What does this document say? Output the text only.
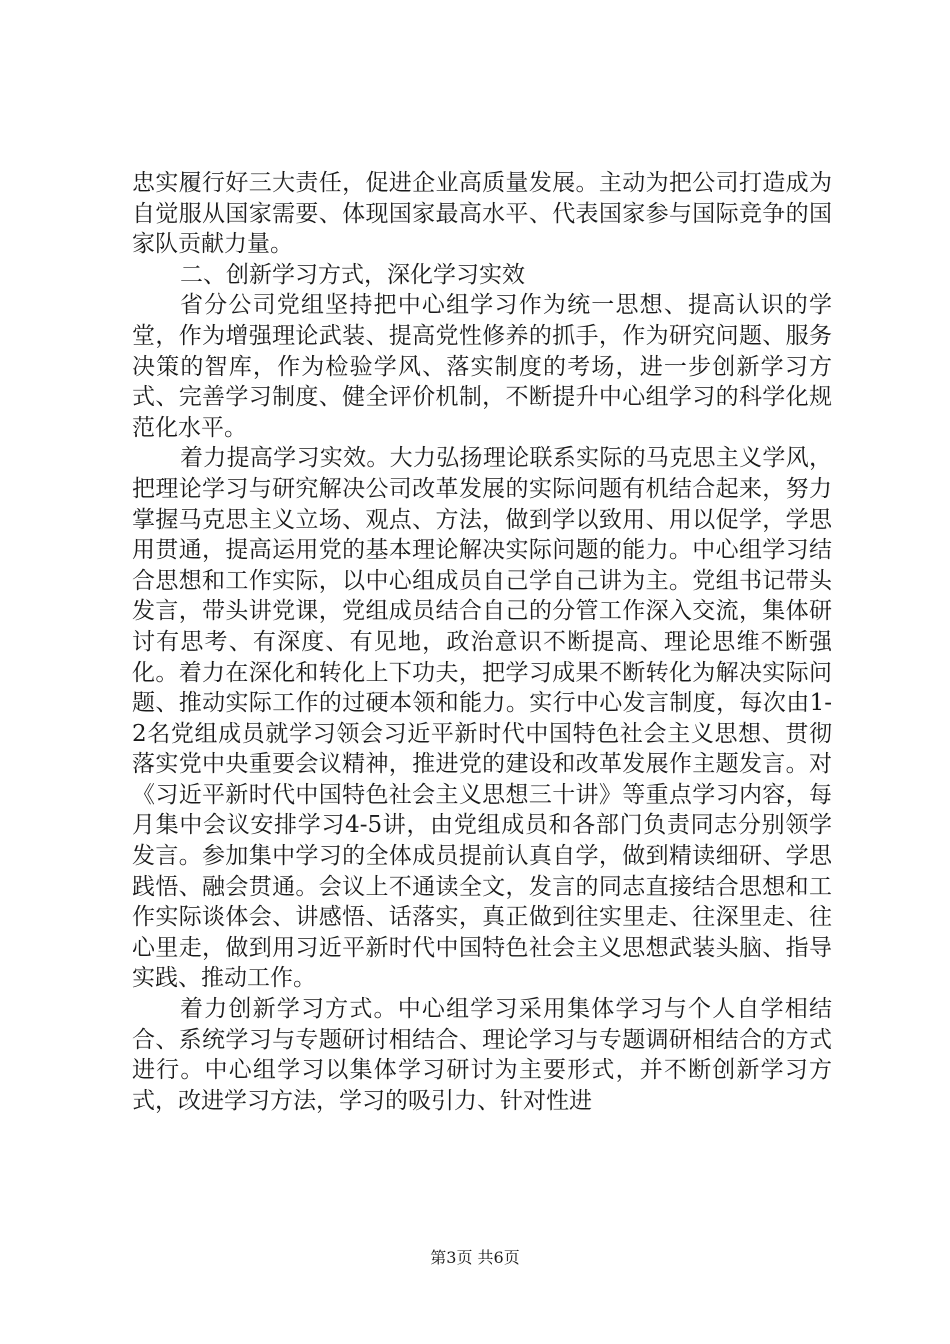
忠实履行好三大责任，促进企业高质量发展。主动为把公司打造成为自觉服从国家需要、体现国家最高水平、代表国家参与国际竞争的国家队贡献力量。

二、创新学习方式，深化学习实效

省分公司党组坚持把中心组学习作为统一思想、提高认识的学堂，作为增强理论武装、提高党性修养的抓手，作为研究问题、服务决策的智库，作为检验学风、落实制度的考场，进一步创新学习方式、完善学习制度、健全评价机制，不断提升中心组学习的科学化规范化水平。

着力提高学习实效。大力弘扬理论联系实际的马克思主义学风，把理论学习与研究解决公司改革发展的实际问题有机结合起来，努力掌握马克思主义立场、观点、方法，做到学以致用、用以促学，学思用贯通，提高运用党的基本理论解决实际问题的能力。中心组学习结合思想和工作实际，以中心组成员自己学自己讲为主。党组书记带头发言，带头讲党课，党组成员结合自己的分管工作深入交流，集体研讨有思考、有深度、有见地，政治意识不断提高、理论思维不断强化。着力在深化和转化上下功夫，把学习成果不断转化为解决实际问题、推动实际工作的过硬本领和能力。实行中心发言制度，每次由1-2名党组成员就学习领会习近平新时代中国特色社会主义思想、贯彻落实党中央重要会议精神，推进党的建设和改革发展作主题发言。对《习近平新时代中国特色社会主义思想三十讲》等重点学习内容，每月集中会议安排学习4-5讲，由党组成员和各部门负责同志分别领学发言。参加集中学习的全体成员提前认真自学，做到精读细研、学思践悟、融会贯通。会议上不通读全文，发言的同志直接结合思想和工作实际谈体会、讲感悟、话落实，真正做到往实里走、往深里走、往心里走，做到用习近平新时代中国特色社会主义思想武装头脑、指导实践、推动工作。

着力创新学习方式。中心组学习采用集体学习与个人自学相结合、系统学习与专题研讨相结合、理论学习与专题调研相结合的方式进行。中心组学习以集体学习研讨为主要形式，并不断创新学习方式，改进学习方法，学习的吸引力、针对性进

第3页 共6页
